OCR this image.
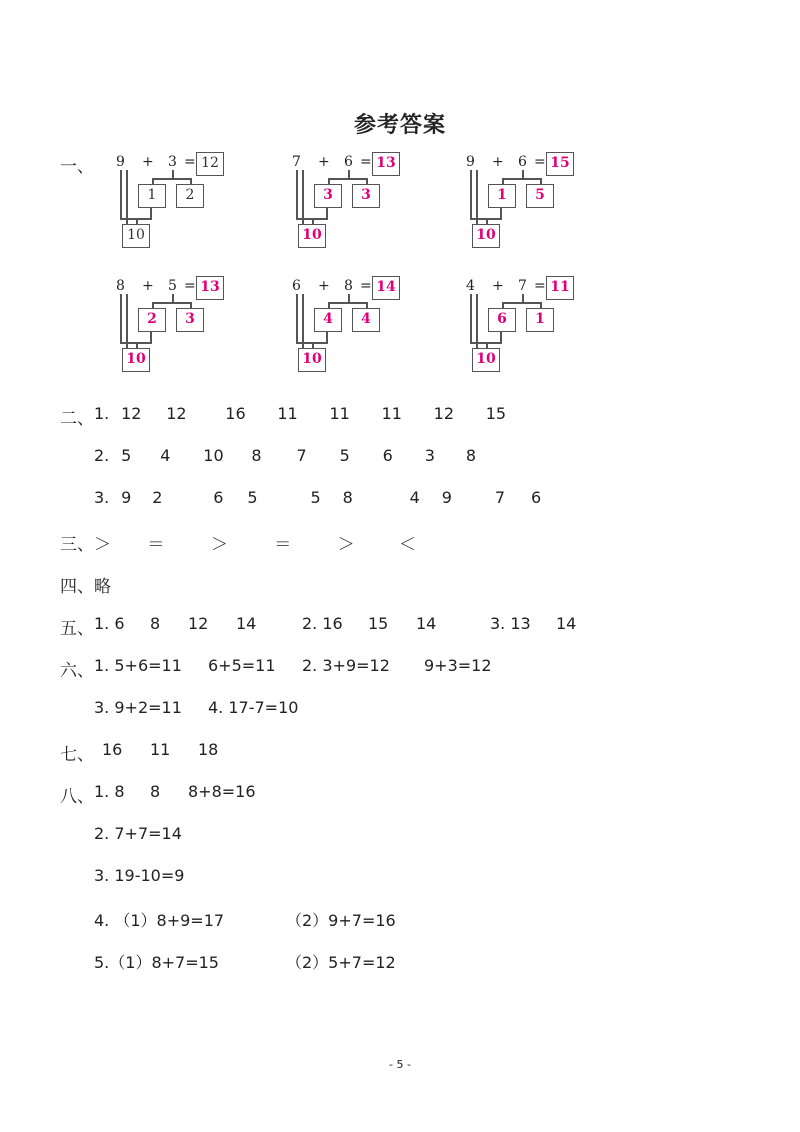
参考答案
一、 9 + 3 = 12
1	2
10
7 + 6 = 13
3	3
10
9 + 6 = 15
1	5
10
8 + 5 = 13
2	3
10
6 + 8 = 14
4	4
10
4 + 7 = 11
6	1
10
二、 1. 12 12 16 11 11 11 12 15
2. 5 4 10 8 7 5 6 3 8
3. 9 2	6 5	5 8	4 9	7 6
三、 ＞ ＝	＞	＝	＞	＜
四、 略
五、 1. 6 8 12 14	2. 16 15 14	3. 13 14
六、 1. 5+6=11 6+5=11 2. 3+9=12 9+3=12
3. 9+2=11 4. 17-7=10
七、 16 11 18
八、 1. 8 8 8+8=16
2. 7+7=14
3. 19-10=9
4. （1）8+9=17	（2）9+7=16
5.（1）8+7=15	（2）5+7=12
- 5 -
